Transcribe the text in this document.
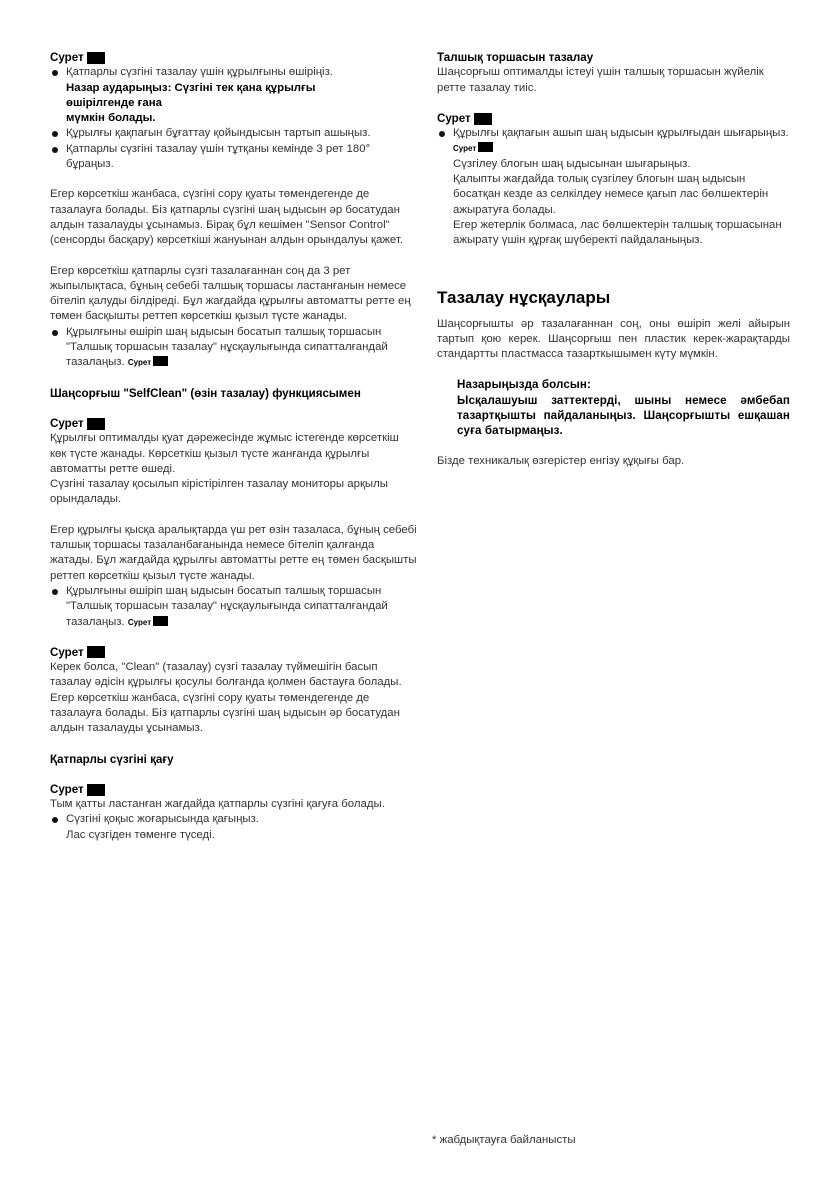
Сурет

Қатпарлы сүзгіні тазалау үшін құрылғыны өшіріңіз.
Назар аударыңыз: Сүзгіні тек қана құрылғы
өшірілгенде ғана
мүмкін болады.
Құрылғы қақпағын бұғаттау қойындысын тартып ашыңыз.
Қатпарлы сүзгіні тазалау үшін тұтқаны кемінде 3 рет 180° бұраңыз.

Егер көрсеткіш жанбаса, сүзгіні сору қуаты төмендегенде де тазалауға болады. Біз қатпарлы сүзгіні шаң ыдысын әр босатудан алдын тазалауды ұсынамыз. Бірақ бұл кешімен "Sensor Control" (сенсорды басқару) көрсеткіші жануынан алдын орындалуы қажет.

Егер көрсеткіш қатпарлы сүзгі тазалағаннан соң да 3 рет жыпылықтаса, бұның себебі талшық торшасы ластанғанын немесе бітеліп қалуды білдіреді. Бұл жағдайда құрылғы автоматты ретте ең төмен басқышты реттеп көрсеткіш қызыл түсте жанады.

Құрылғыны өшіріп шаң ыдысын босатып талшық торшасын "Талшық торшасын тазалау" нұсқаулығында сипатталғандай тазалаңыз. Сурет

Шаңсорғыш "SelfClean" (өзін тазалау) функциясымен

Сурет

Құрылғы оптималды қуат дәрежесінде жұмыс істегенде көрсеткіш көк түсте жанады. Көрсеткіш қызыл түсте жанғанда құрылғы автоматты ретте өшеді.

Сүзгіні тазалау қосылып кірістірілген тазалау мониторы арқылы орындалады.

Егер құрылғы қысқа аралықтарда үш рет өзін тазаласа, бұның себебі талшық торшасы тазаланбағанында немесе бітеліп қалғанда жатады. Бұл жағдайда құрылғы автоматты ретте ең төмен басқышты реттеп көрсеткіш қызыл түсте жанады.

Құрылғыны өшіріп шаң ыдысын босатып талшық торшасын "Талшық торшасын тазалау" нұсқаулығында сипатталғандай тазалаңыз. Сурет

Сурет

Керек болса, "Clean" (тазалау) сүзгі тазалау түймешігін басып тазалау әдісін құрылғы қосулы болғанда қолмен бастауға болады.

Егер көрсеткіш жанбаса, сүзгіні сору қуаты төмендегенде де тазалауға болады. Біз қатпарлы сүзгіні шаң ыдысын әр босатудан алдын тазалауды ұсынамыз.

Қатпарлы сүзгіні қағу

Сурет

Тым қатты ластанған жағдайда қатпарлы сүзгіні қағуға болады.

Сүзгіні қоқыс жоғарысында қағыңыз.
Лас сүзгіден төменге түседі.

Талшық торшасын тазалау

Шаңсорғыш оптималды істеуі үшін талшық торшасын жүйелік ретте тазалау тиіс.

Сурет

Құрылғы қақпағын ашып шаң ыдысын құрылғыдан шығарыңыз. Сурет
Сүзгілеу блогын шаң ыдысынан шығарыңыз.
Қалыпты жағдайда толық сүзгілеу блогын шаң ыдысын босатқан кезде аз селкілдеу немесе қағып лас бөлшектерін ажыратуға болады.
Егер жетерлік болмаса, лас бөлшектерін талшық торшасынан ажырату үшін құрғақ шүберекті пайдаланыңыз.
Тазалау нұсқаулары

Шаңсорғышты әр тазалағаннан соң, оны өшіріп желі айырын тартып қою керек. Шаңсорғыш пен пластик керек-жарақтарды стандартты пластмасса тазарткышымен күту мүмкін.

Назарыңызда болсын:

Ысқалашуыш заттектерді, шыны немесе әмбебап тазартқышты пайдаланыңыз. Шаңсорғышты ешқашан суға батырмаңыз.

Бізде техникалық өзгерістер енгізу құқығы бар.

* жабдықтауға байланысты
